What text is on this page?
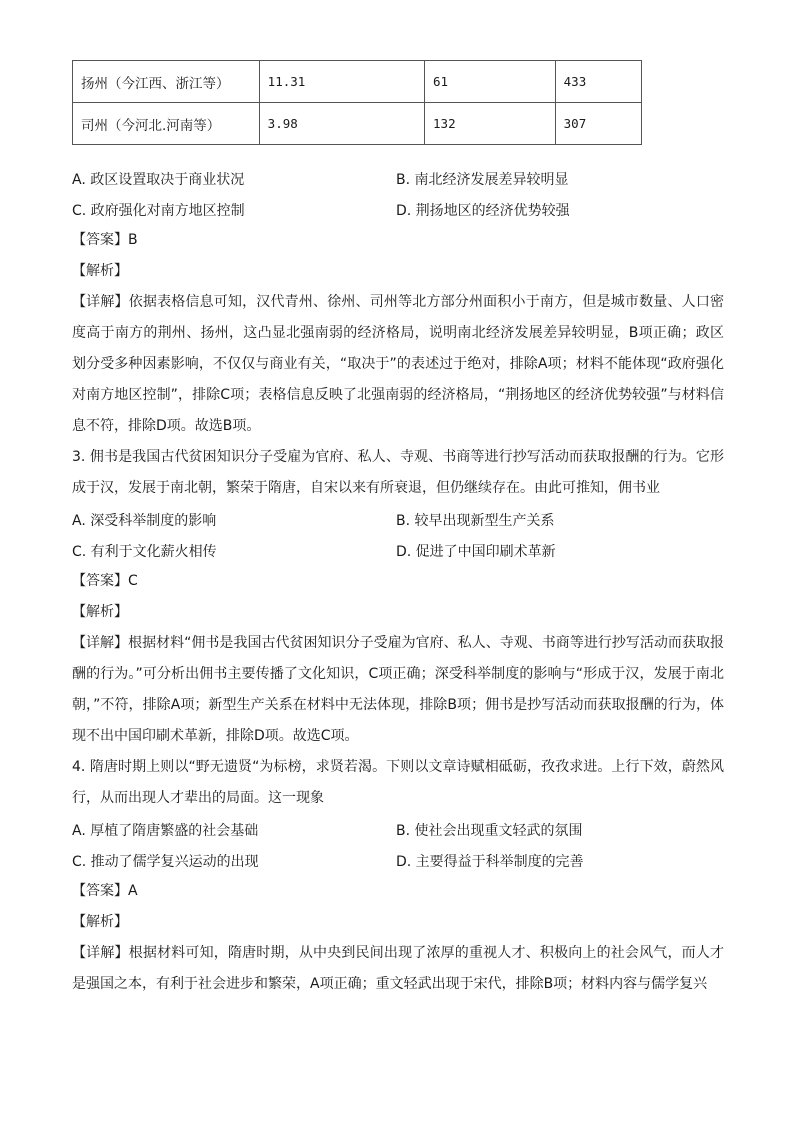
扬州（今江西、浙江等）	11.31	61	433
司州（今河北.河南等）	3.98	132	307
A. 政区设置取决于商业状况	B. 南北经济发展差异较明显
C. 政府强化对南方地区控制	D. 荆扬地区的经济优势较强
【答案】B
【解析】
【详解】依据表格信息可知，汉代青州、徐州、司州等北方部分州面积小于南方，但是城市数量、人口密度高于南方的荆州、扬州，这凸显北强南弱的经济格局，说明南北经济发展差异较明显，B项正确；政区划分受多种因素影响，不仅仅与商业有关，“取决于”的表述过于绝对，排除A项；材料不能体现“政府强化对南方地区控制”，排除C项；表格信息反映了北强南弱的经济格局，“荆扬地区的经济优势较强”与材料信息不符，排除D项。故选B项。
3. 佣书是我国古代贫困知识分子受雇为官府、私人、寺观、书商等进行抄写活动而获取报酬的行为。它形成于汉，发展于南北朝，繁荣于隋唐，自宋以来有所衰退，但仍继续存在。由此可推知，佣书业
A. 深受科举制度的影响	B. 较早出现新型生产关系
C. 有利于文化薪火相传	D. 促进了中国印刷术革新
【答案】C
【解析】
【详解】根据材料“佣书是我国古代贫困知识分子受雇为官府、私人、寺观、书商等进行抄写活动而获取报酬的行为。”可分析出佣书主要传播了文化知识，C项正确；深受科举制度的影响与“形成于汉，发展于南北朝，”不符，排除A项；新型生产关系在材料中无法体现，排除B项；佣书是抄写活动而获取报酬的行为，体现不出中国印刷术革新，排除D项。故选C项。
4. 隋唐时期上则以“野无遗贤“为标榜，求贤若渴。下则以文章诗赋相砥砺，孜孜求进。上行下效，蔚然风行，从而出现人才辈出的局面。这一现象
A. 厚植了隋唐繁盛的社会基础	B. 使社会出现重文轻武的氛围
C. 推动了儒学复兴运动的出现	D. 主要得益于科举制度的完善
【答案】A
【解析】
【详解】根据材料可知，隋唐时期，从中央到民间出现了浓厚的重视人才、积极向上的社会风气，而人才是强国之本，有利于社会进步和繁荣，A项正确；重文轻武出现于宋代，排除B项；材料内容与儒学复兴
